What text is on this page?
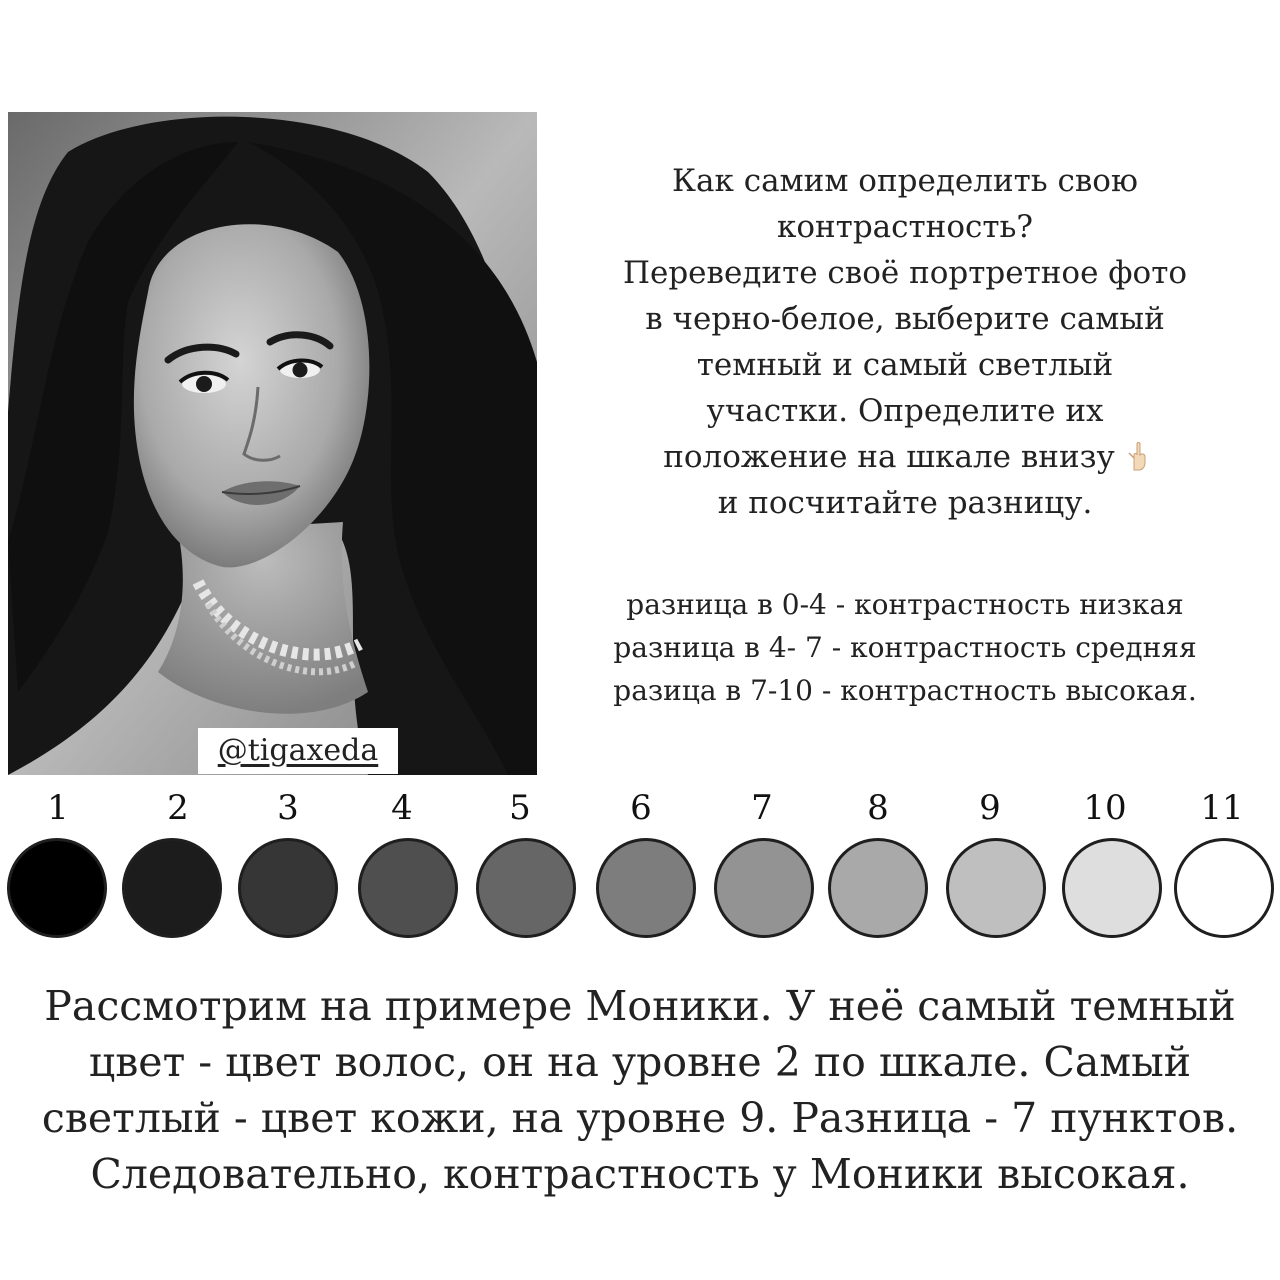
@tigaxeda
Как самим определить свою
контрастность?
Переведите своё портретное фото
в черно-белое, выберите самый
темный и самый светлый
участки. Определите их
положение на шкале внизу
и посчитайте разницу.
разница в 0-4 - контрастность низкая
разница в 4- 7 - контрастность средняя
разица в 7-10 - контрастность высокая.
1	2	3	4	5	6	7	8	9	10 11
Рассмотрим на примере Моники. У неё самый темный
цвет - цвет волос, он на уровне 2 по шкале. Самый
светлый - цвет кожи, на уровне 9. Разница - 7 пунктов.
Следовательно, контрастность у Моники высокая.
